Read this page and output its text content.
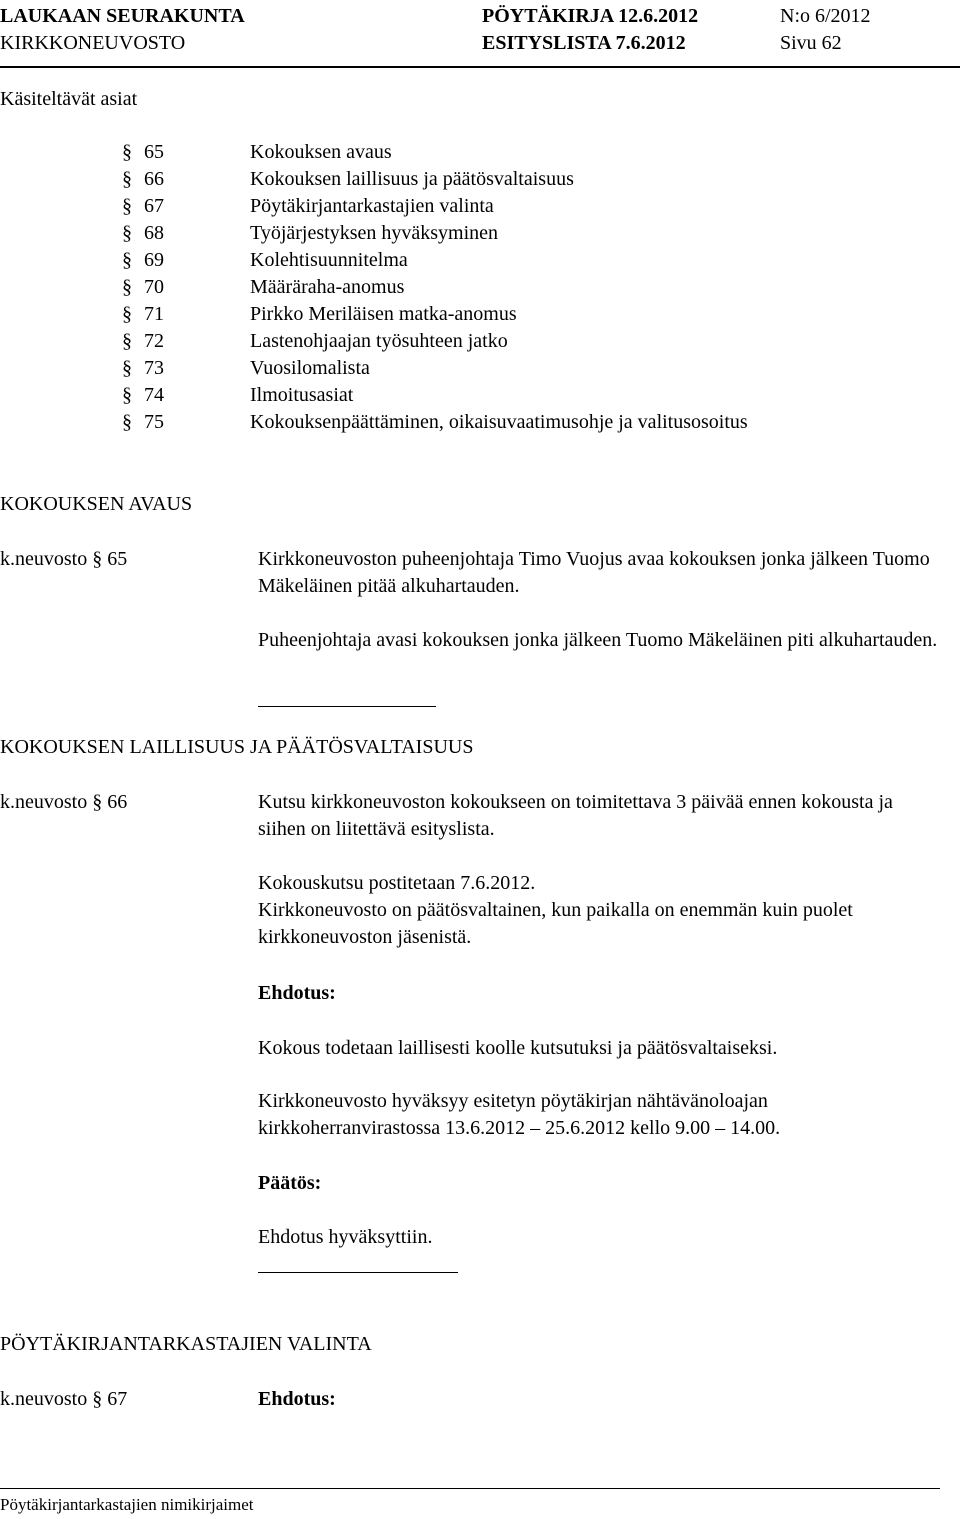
LAUKAAN SEURAKUNTA
KIRKKONEUVOSTO
PÖYTÄKIRJA 12.6.2012
ESITYSLISTA 7.6.2012
N:o 6/2012
Sivu 62
Käsiteltävät asiat
§ 65	Kokouksen avaus
§ 66	Kokouksen laillisuus ja päätösvaltaisuus
§ 67	Pöytäkirjantarkastajien valinta
§ 68	Työjärjestyksen hyväksyminen
§ 69	Kolehtisuunnitelma
§ 70	Määräraha-anomus
§ 71	Pirkko Meriläisen matka-anomus
§ 72	Lastenohjaajan työsuhteen jatko
§ 73	Vuosilomalista
§ 74	Ilmoitusasiat
§ 75	Kokouksenpäättäminen, oikaisuvaatimusohje ja valitusosoitus
KOKOUKSEN AVAUS
k.neuvosto § 65	Kirkkoneuvoston puheenjohtaja Timo Vuojus avaa kokouksen jonka jälkeen Tuomo Mäkeläinen pitää alkuhartauden.
Puheenjohtaja avasi kokouksen jonka jälkeen Tuomo Mäkeläinen piti alkuhartauden.
KOKOUKSEN LAILLISUUS JA PÄÄTÖSVALTAISUUS
k.neuvosto § 66	Kutsu kirkkoneuvoston kokoukseen on toimitettava 3 päivää ennen kokousta ja siihen on liitettävä esityslista.
Kokouskutsu postitetaan 7.6.2012.
Kirkkoneuvosto on päätösvaltainen, kun paikalla on enemmän kuin puolet kirkkoneuvoston jäsenistä.
Ehdotus:
Kokous todetaan laillisesti koolle kutsutuksi ja päätösvaltaiseksi.
Kirkkoneuvosto hyväksyy esitetyn pöytäkirjan nähtävänoloajan kirkkoherranvirastossa 13.6.2012 – 25.6.2012 kello 9.00 – 14.00.
Päätös:
Ehdotus hyväksyttiin.
PÖYTÄKIRJANTARKASTAJIEN VALINTA
k.neuvosto § 67	Ehdotus:
Pöytäkirjantarkastajien nimikirjaimet
